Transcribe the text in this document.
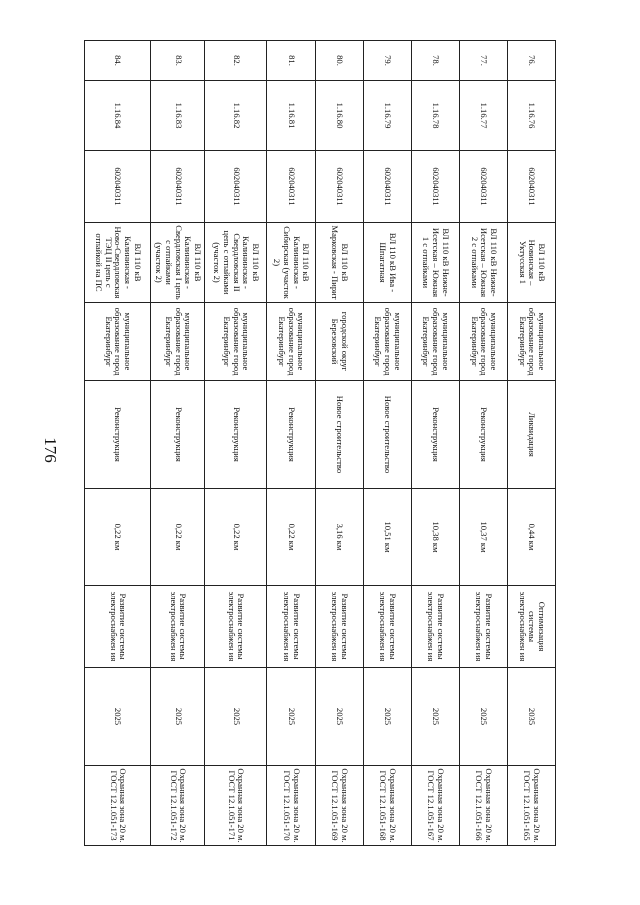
176
76.	1.16.76	602040311	ВЛ 110 кВ Новинская – Уктусская 1	муниципальное образование город Екатеринбург	Ликвидация	0,44 км	Оптимизация системы электроснабжен ия	2035	Охранная зона 20 м. ГОСТ 12.1.051-165
77.	1.16.77	602040311	ВЛ 110 кВ Нижне-Исетская – Южная 2 с отпайками	муниципальное образование город Екатеринбург	Реконструкция	10,37 км	Развитие системы электроснабжен ия	2025	Охранная зона 20 м. ГОСТ 12.1.051-166
78.	1.16.78	602040311	ВЛ 110 кВ Нижне-Исетская – Южная 1 с отпайками	муниципальное образование город Екатеринбург	Реконструкция	10,38 км	Развитие системы электроснабжен ия	2025	Охранная зона 20 м. ГОСТ 12.1.051-167
79.	1.16.79	602040311	ВЛ 110 кВ Ива - Шпагатная	муниципальное образование город Екатеринбург	Новое строительство	10,51 км	Развитие системы электроснабжен ия	2025	Охранная зона 20 м. ГОСТ 12.1.051-168
80.	1.16.80	602040311	ВЛ 110 кВ Марковская - Пирит	городской округ Березовский	Новое строительство	3,16 км	Развитие системы электроснабжен ия	2025	Охранная зона 20 м. ГОСТ 12.1.051-169
81.	1.16.81	602040311	ВЛ 110 кВ Калининская - Сибирская (участок 2)	муниципальное образование город Екатеринбург	Реконструкция	0,22 км	Развитие системы электроснабжен ия	2025	Охранная зона 20 м. ГОСТ 12.1.051-170
82.	1.16.82	602040311	ВЛ 110 кВ Калининская - Свердловская II цепь с отпайками (участок 2)	муниципальное образование город Екатеринбург	Реконструкция	0,22 км	Развитие системы электроснабжен ия	2025	Охранная зона 20 м. ГОСТ 12.1.051-171
83.	1.16.83	602040311	ВЛ 110 кВ Калининская - Свердловская I цепь с отпайками (участок 2)	муниципальное образование город Екатеринбург	Реконструкция	0,22 км	Развитие системы электроснабжен ия	2025	Охранная зона 20 м. ГОСТ 12.1.051-172
84.	1.16.84	602040311	ВЛ 110 кВ Калининская - Ново-Свердловская ТЭЦ II цепь с отпайкой на ПС	муниципальное образование город Екатеринбург	Реконструкция	0,22 км	Развитие системы электроснабжен ия	2025	Охранная зона 20 м. ГОСТ 12.1.051-173
